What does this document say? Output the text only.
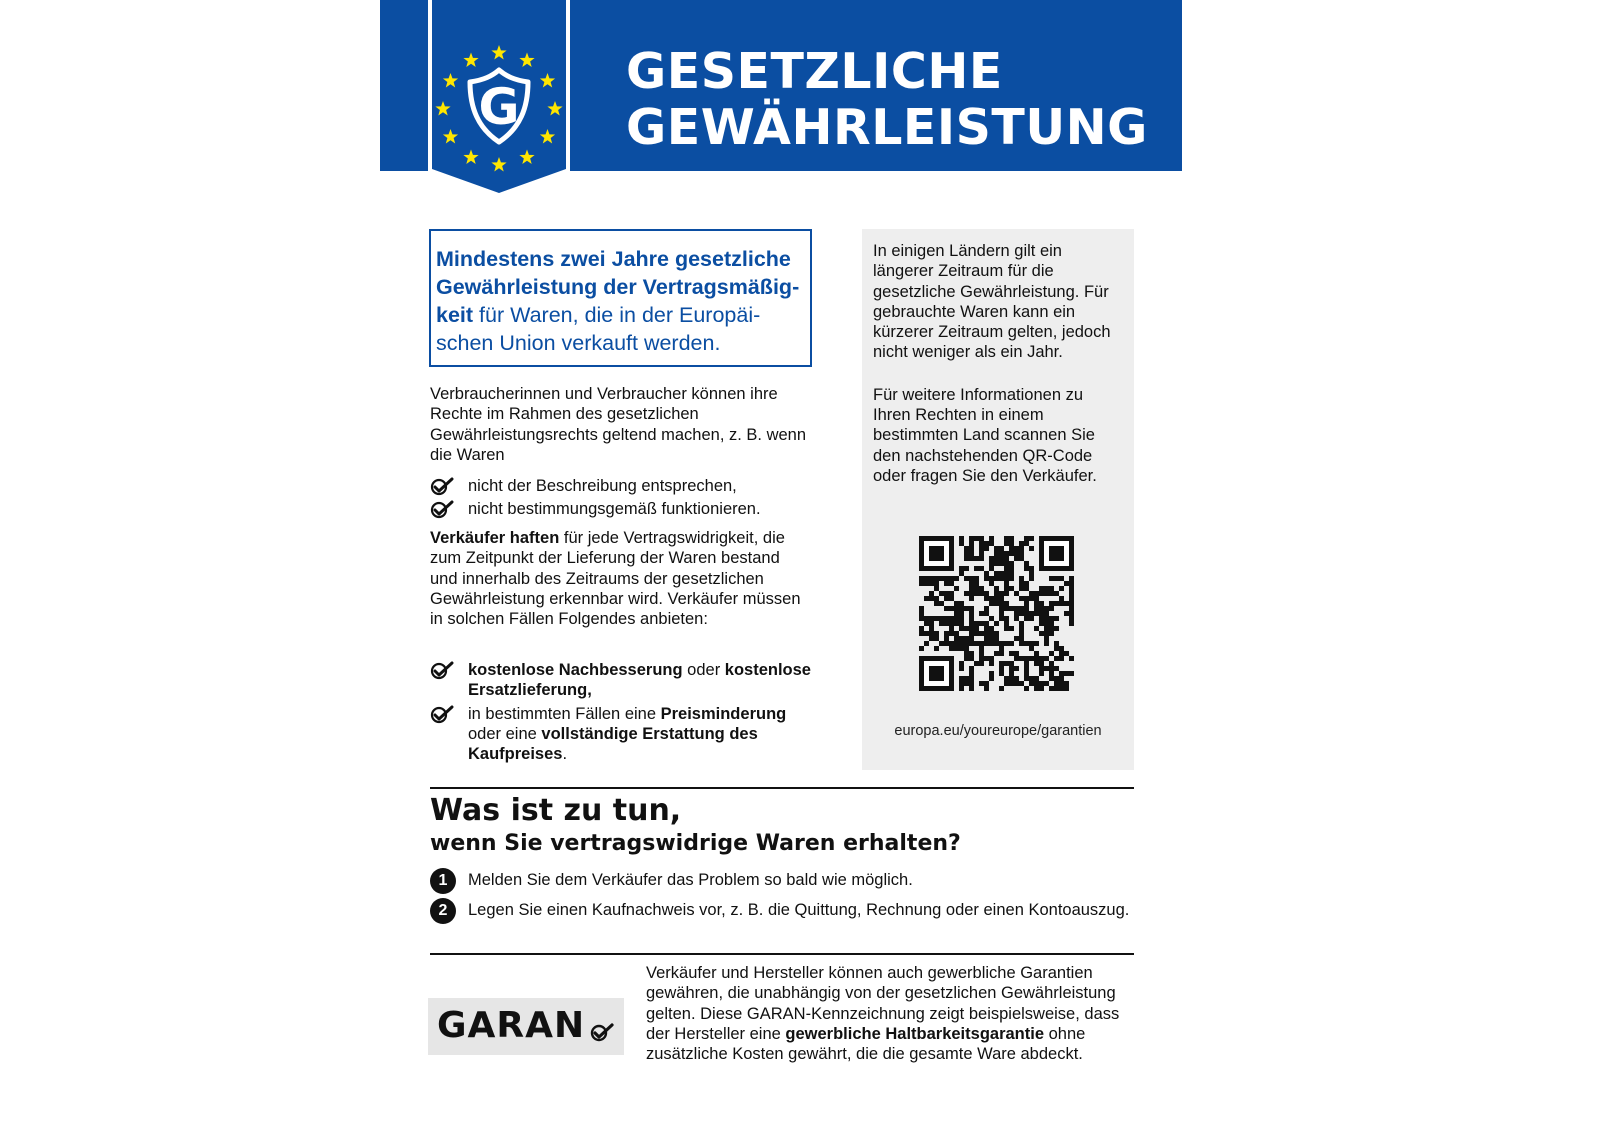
G
GESETZLICHE
GEWÄHRLEISTUNG
Mindestens zwei Jahre gesetzliche Gewährleistung der Vertragsmäßigkeit für Waren, die in der Europäischen Union verkauft werden.

Verbraucherinnen und Verbraucher können ihre Rechte im Rahmen des gesetzlichen Gewährleistungsrechts geltend machen, z. B. wenn die Waren

nicht der Beschreibung entsprechen,
nicht bestimmungsgemäß funktionieren.

Verkäufer haften für jede Vertragswidrigkeit, die zum Zeitpunkt der Lieferung der Waren bestand und innerhalb des Zeitraums der gesetzlichen Gewährleistung erkennbar wird. Verkäufer müssen in solchen Fällen Folgendes anbieten:

kostenlose Nachbesserung oder kostenlose Ersatzlieferung,
in bestimmten Fällen eine Preisminderung oder eine vollständige Erstattung des Kaufpreises.

In einigen Ländern gilt ein längerer Zeitraum für die gesetzliche Gewährleistung. Für gebrauchte Waren kann ein kürzerer Zeitraum gelten, jedoch nicht weniger als ein Jahr.

Für weitere Informationen zu Ihren Rechten in einem bestimmten Land scannen Sie den nachstehenden QR-Code oder fragen Sie den Verkäufer.

europa.eu/youreurope/garantien
Was ist zu tun,
wenn Sie vertragswidrige Waren erhalten?
1	Melden Sie dem Verkäufer das Problem so bald wie möglich.
2	Legen Sie einen Kaufnachweis vor, z. B. die Quittung, Rechnung oder einen Kontoauszug.
GARAN

Verkäufer und Hersteller können auch gewerbliche Garantien gewähren, die unabhängig von der gesetzlichen Gewährleistung gelten. Diese GARAN-Kennzeichnung zeigt beispielsweise, dass der Hersteller eine gewerbliche Haltbarkeitsgarantie ohne zusätzliche Kosten gewährt, die die gesamte Ware abdeckt.
